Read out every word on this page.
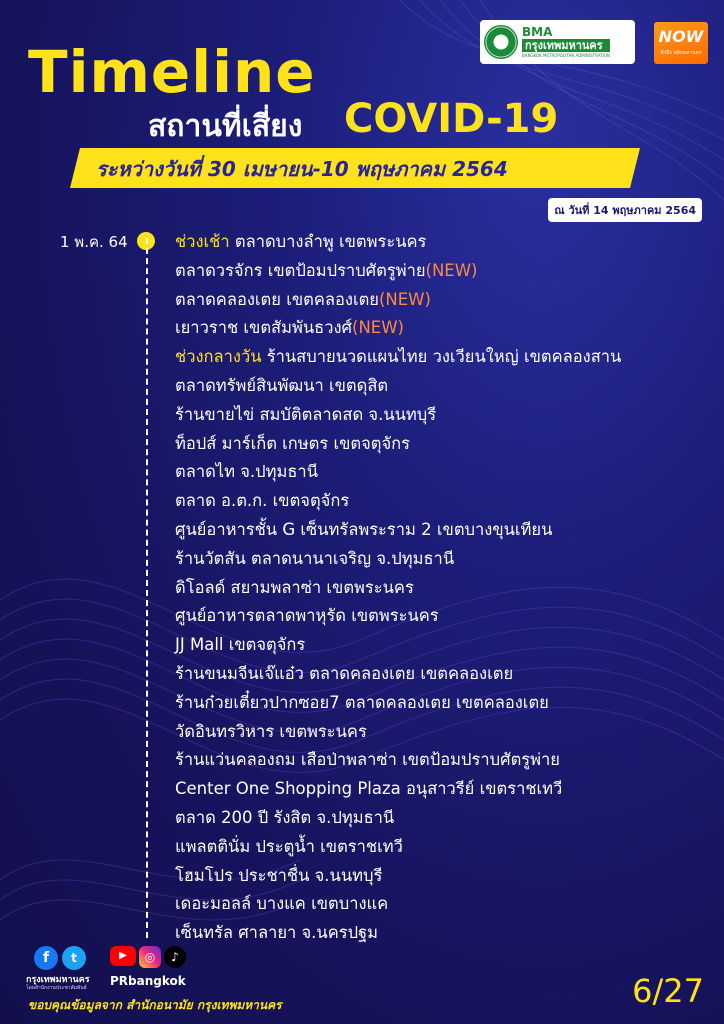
BMA
กรุงเทพมหานคร
BANGKOK METROPOLITAN ADMINISTRATION
NOW
ทั่วถึง พลิกมหานคร
Timeline
สถานที่เสี่ยง COVID-19
ระหว่างวันที่ 30 เมษายน-10 พฤษภาคม 2564
ณ วันที่ 14 พฤษภาคม 2564
1 พ.ค. 64	ช่วงเช้า ตลาดบางลำพู เขตพระนคร
ตลาดวรจักร เขตป้อมปราบศัตรูพ่าย(NEW)
ตลาดคลองเตย เขตคลองเตย(NEW)
เยาวราช เขตสัมพันธวงศ์(NEW)
ช่วงกลางวัน ร้านสบายนวดแผนไทย วงเวียนใหญ่ เขตคลองสาน
ตลาดทรัพย์สินพัฒนา เขตดุสิต
ร้านขายไข่ สมบัติตลาดสด จ.นนทบุรี
ท็อปส์ มาร์เก็ต เกษตร เขตจตุจักร
ตลาดไท จ.ปทุมธานี
ตลาด อ.ต.ก. เขตจตุจักร
ศูนย์อาหารชั้น G เซ็นทรัลพระราม 2 เขตบางขุนเทียน
ร้านวัตสัน ตลาดนานาเจริญ จ.ปทุมธานี
ดิโอลด์ สยามพลาซ่า เขตพระนคร
ศูนย์อาหารตลาดพาหุรัด เขตพระนคร
JJ Mall เขตจตุจักร
ร้านขนมจีนเจ๊แอ๋ว ตลาดคลองเตย เขตคลองเตย
ร้านก๋วยเตี๋ยวปากซอย7 ตลาดคลองเตย เขตคลองเตย
วัดอินทรวิหาร เขตพระนคร
ร้านแว่นคลองถม เสือป่าพลาซ่า เขตป้อมปราบศัตรูพ่าย
Center One Shopping Plaza อนุสาวรีย์ เขตราชเทวี
ตลาด 200 ปี รังสิต จ.ปทุมธานี
แพลตตินั่ม ประตูน้ำ เขตราชเทวี
โฮมโปร ประชาชื่น จ.นนทบุรี
เดอะมอลล์ บางแค เขตบางแค
เซ็นทรัล ศาลายา จ.นครปฐม
f	t
กรุงเทพมหานคร
โดยสำนักงานประชาสัมพันธ์
▶	◎	♪
PRbangkok
ขอบคุณข้อมูลจาก สำนักอนามัย กรุงเทพมหานคร	6/27
